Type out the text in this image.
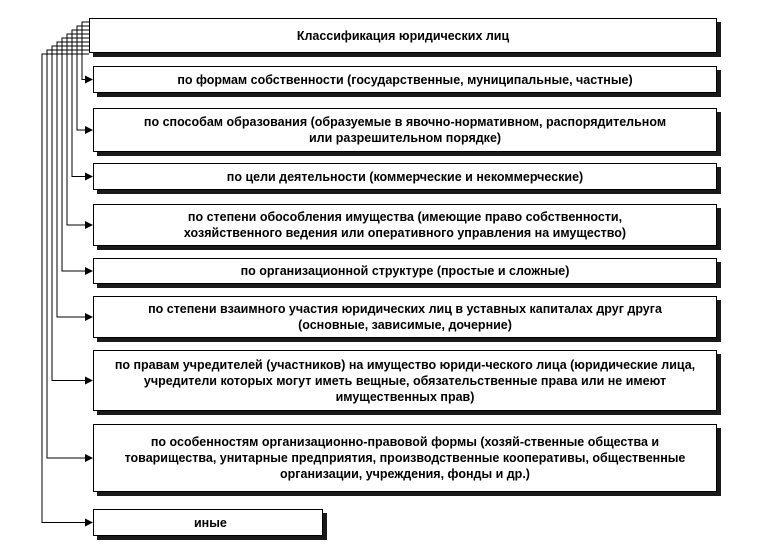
Классификация юридических лиц
по формам собственности (государственные, муниципальные, частные)
по способам образования (образуемые в явочно-нормативном, распорядительном или разрешительном порядке)
по цели деятельности (коммерческие и некоммерческие)
по степени обособления имущества (имеющие право собственности, хозяйственного ведения или оперативного управления на имущество)
по организационной структуре (простые и сложные)
по степени взаимного участия юридических лиц в уставных капиталах друг друга (основные, зависимые, дочерние)
по правам учредителей (участников) на имущество юриди-ческого лица (юридические лица, учредители которых могут иметь вещные, обязательственные права или не имеют имущественных прав)
по особенностям организационно-правовой формы (хозяй-ственные общества и товарищества, унитарные предприятия, производственные кооперативы, общественные организации, учреждения, фонды и др.)
иные
